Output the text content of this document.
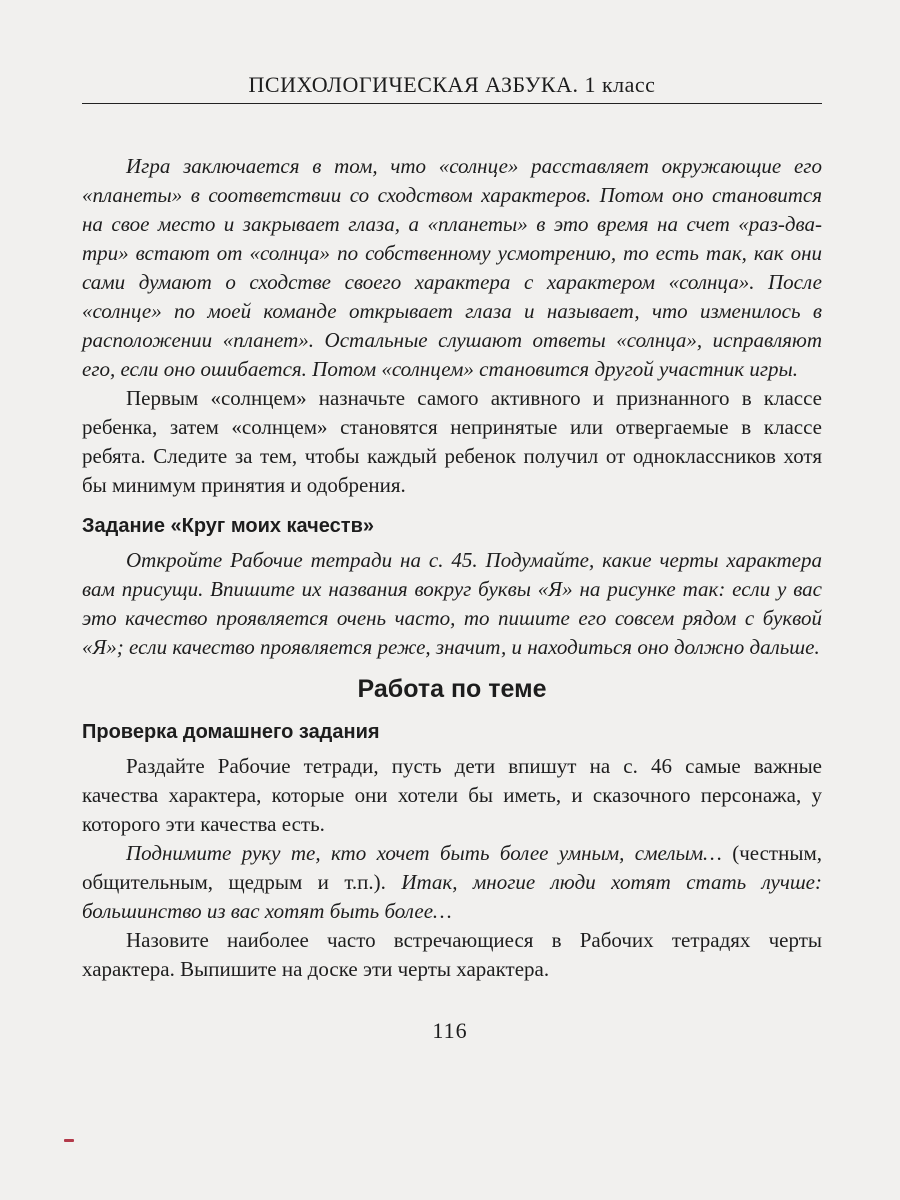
ПСИХОЛОГИЧЕСКАЯ АЗБУКА. 1 класс

Игра заключается в том, что «солнце» расставляет окружающие его «планеты» в соответствии со сходством характеров. Потом оно становится на свое место и закрывает глаза, а «планеты» в это время на счет «раз-два-три» встают от «солнца» по собственному усмотрению, то есть так, как они сами думают о сходстве своего характера с характером «солнца». После «солнце» по моей команде открывает глаза и называет, что изменилось в расположении «планет». Остальные слушают ответы «солнца», исправляют его, если оно ошибается. Потом «солнцем» становится другой участник игры.

Первым «солнцем» назначьте самого активного и признанного в классе ребенка, затем «солнцем» становятся непринятые или отвергаемые в классе ребята. Следите за тем, чтобы каждый ребенок получил от одноклассников хотя бы минимум принятия и одобрения.

Задание «Круг моих качеств»

Откройте Рабочие тетради на с. 45. Подумайте, какие черты характера вам присущи. Впишите их названия вокруг буквы «Я» на рисунке так: если у вас это качество проявляется очень часто, то пишите его совсем рядом с буквой «Я»; если качество проявляется реже, значит, и находиться оно должно дальше.

Работа по теме
Проверка домашнего задания

Раздайте Рабочие тетради, пусть дети впишут на с. 46 самые важные качества характера, которые они хотели бы иметь, и сказочного персонажа, у которого эти качества есть.

Поднимите руку те, кто хочет быть более умным, смелым… (честным, общительным, щедрым и т.п.). Итак, многие люди хотят стать лучше: большинство из вас хотят быть более…

Назовите наиболее часто встречающиеся в Рабочих тетрадях черты характера. Выпишите на доске эти черты характера.

116
